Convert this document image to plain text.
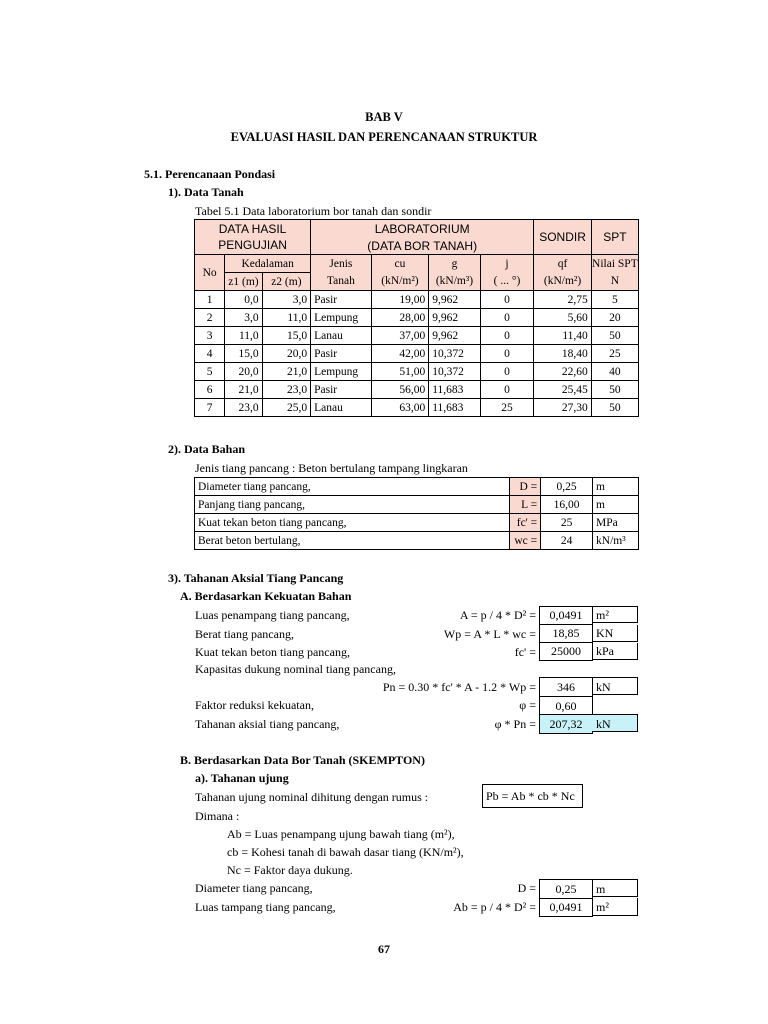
BAB V
EVALUASI HASIL DAN PERENCANAAN STRUKTUR
5.1. Perencanaan Pondasi
1). Data Tanah
Tabel 5.1 Data laboratorium bor tanah dan sondir
DATA HASIL PENGUJIAN			LABORATORIUM				SONDIR	SPT
			(DATA BOR TANAH)					
No	Kedalaman		Jenis	cu	g	j	qf	Nilai SPT
	z1 (m)	z2 (m)	Tanah	(kN/m²)	(kN/m³)	( ... °)	(kN/m²)	N
1	0,0	3,0	Pasir	19,00	9,962	0	2,75	5
2	3,0	11,0	Lempung	28,00	9,962	0	5,60	20
3	11,0	15,0	Lanau	37,00	9,962	0	11,40	50
4	15,0	20,0	Pasir	42,00	10,372	0	18,40	25
5	20,0	21,0	Lempung	51,00	10,372	0	22,60	40
6	21,0	23,0	Pasir	56,00	11,683	0	25,45	50
7	23,0	25,0	Lanau	63,00	11,683	25	27,30	50
2). Data Bahan
Jenis tiang pancang : Beton bertulang tampang lingkaran
Diameter tiang pancang,	D =	0,25	m
Panjang tiang pancang,	L =	16,00	m
Kuat tekan beton tiang pancang,	fc' =	25	MPa
Berat beton bertulang,	wc =	24	kN/m³
3). Tahanan Aksial Tiang Pancang
A. Berdasarkan Kekuatan Bahan
Luas penampang tiang pancang,	A = p / 4 * D² =	0,0491	m²
Berat tiang pancang,	Wp = A * L * wc =	18,85	KN
Kuat tekan beton tiang pancang,	fc' =	25000	kPa
Kapasitas dukung nominal tiang pancang,
Pn = 0.30 * fc' * A - 1.2 * Wp =	346	kN
Faktor reduksi kekuatan,	φ =	0,60
Tahanan aksial tiang pancang,	φ * Pn =	207,32	kN
B. Berdasarkan Data Bor Tanah (SKEMPTON)
a). Tahanan ujung
Tahanan ujung nominal dihitung dengan rumus :	Pb = Ab * cb * Nc
Dimana :
Ab = Luas penampang ujung bawah tiang (m²),
cb = Kohesi tanah di bawah dasar tiang (KN/m²),
Nc = Faktor daya dukung.
Diameter tiang pancang,	D =	0,25	m
Luas tampang tiang pancang,	Ab = p / 4 * D² =	0,0491	m²
67
